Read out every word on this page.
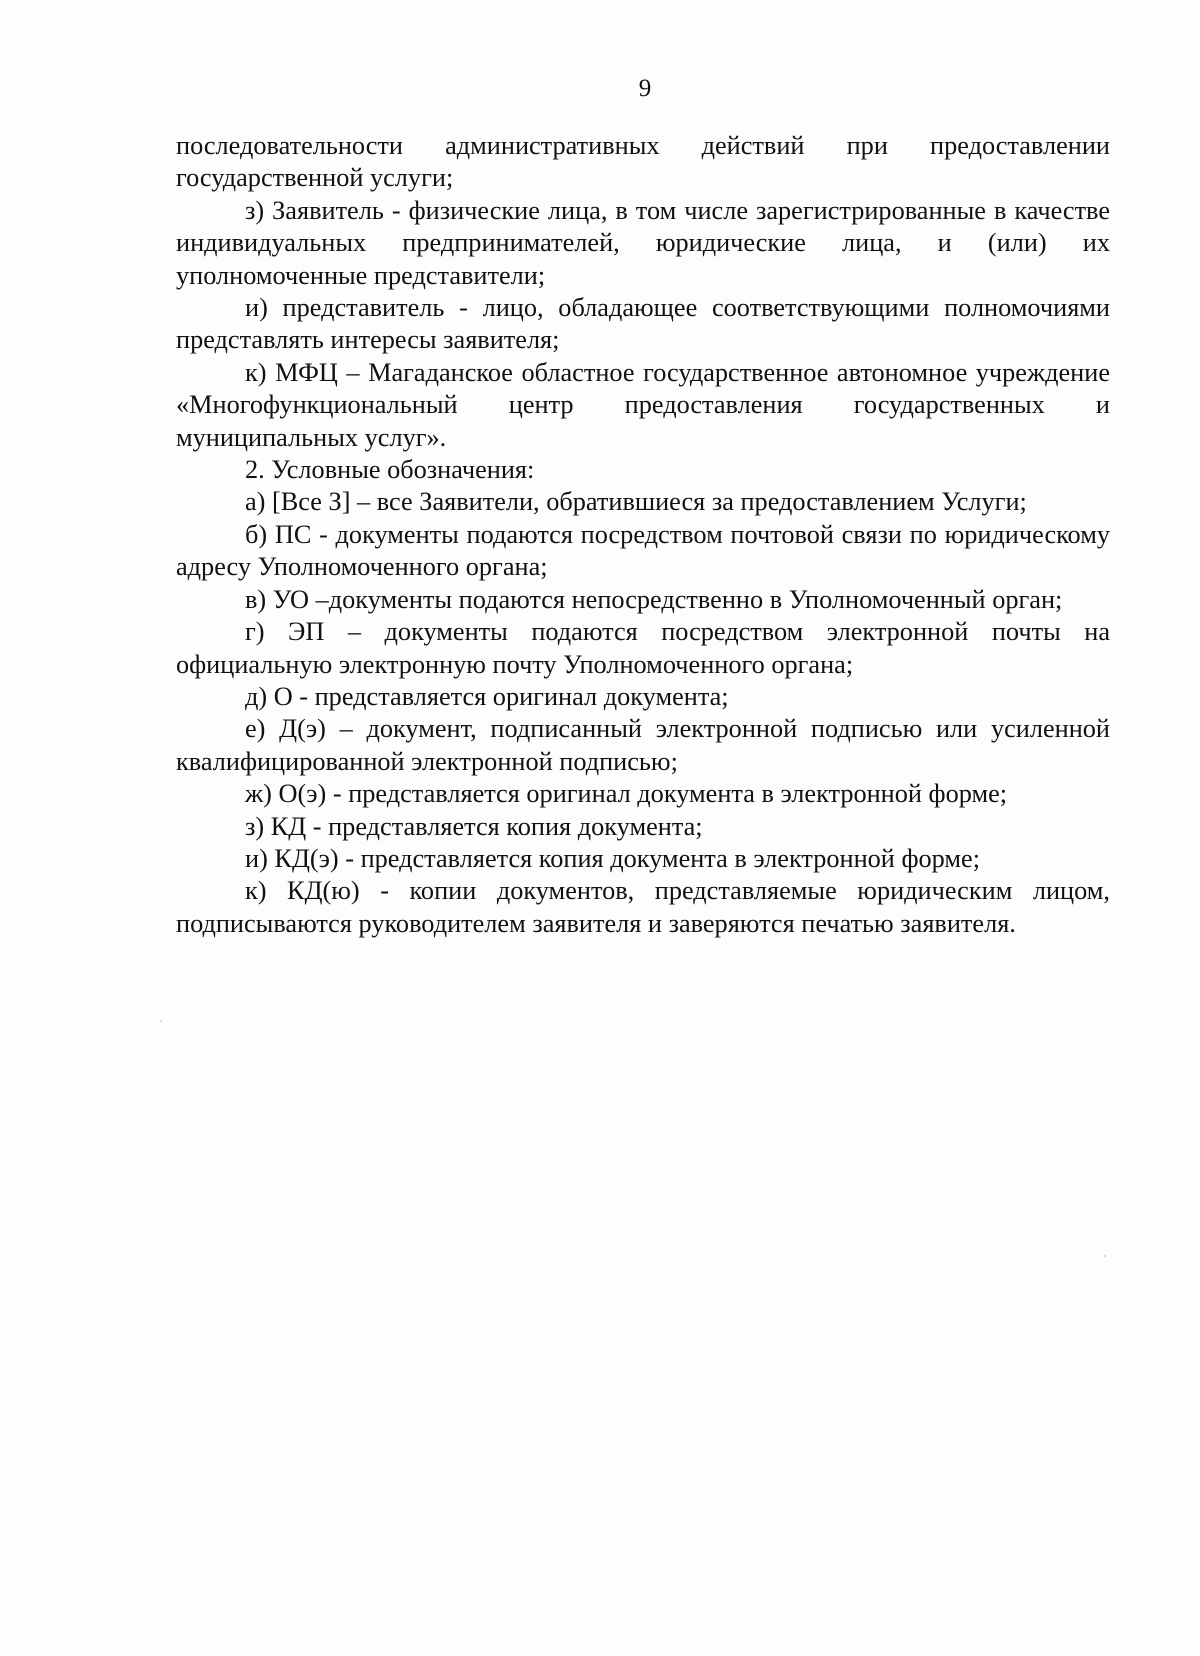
9

последовательности административных действий при предоставлении государственной услуги;

з) Заявитель - физические лица, в том числе зарегистрированные в качестве индивидуальных предпринимателей, юридические лица, и (или) их уполномоченные представители;

и) представитель - лицо, обладающее соответствующими полномочиями представлять интересы заявителя;

к) МФЦ – Магаданское областное государственное автономное учреждение «Многофункциональный центр предоставления государственных и муниципальных услуг».

2. Условные обозначения:

а) [Все З] – все Заявители, обратившиеся за предоставлением Услуги;

б) ПС - документы подаются посредством почтовой связи по юридическому адресу Уполномоченного органа;

в) УО –документы подаются непосредственно в Уполномоченный орган;

г) ЭП – документы подаются посредством электронной почты на официальную электронную почту Уполномоченного органа;

д) О - представляется оригинал документа;

е) Д(э) – документ, подписанный электронной подписью или усиленной квалифицированной электронной подписью;

ж) О(э) - представляется оригинал документа в электронной форме;

з) КД - представляется копия документа;

и) КД(э) - представляется копия документа в электронной форме;

к) КД(ю) - копии документов, представляемые юридическим лицом, подписываются руководителем заявителя и заверяются печатью заявителя.
